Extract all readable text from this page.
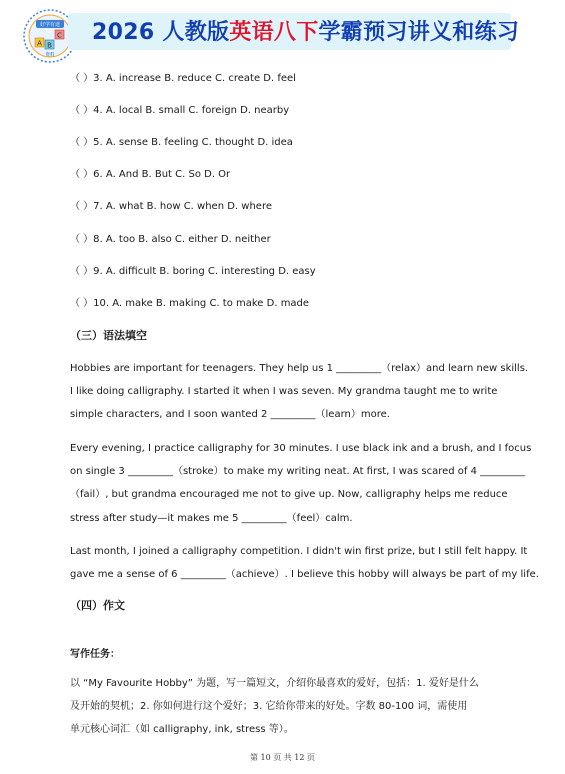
A B
C
好学有途
资料
2026 人教版英语八下学霸预习讲义和练习
（ ）3. A. increase B. reduce C. create D. feel
（ ）4. A. local B. small C. foreign D. nearby
（ ）5. A. sense B. feeling C. thought D. idea
（ ）6. A. And B. But C. So D. Or
（ ）7. A. what B. how C. when D. where
（ ）8. A. too B. also C. either D. neither
（ ）9. A. difficult B. boring C. interesting D. easy
（ ）10. A. make B. making C. to make D. made
（三）语法填空
Hobbies are important for teenagers. They help us 1 _________（relax）and learn new skills.
I like doing calligraphy. I started it when I was seven. My grandma taught me to write
simple characters, and I soon wanted 2 _________（learn）more.
Every evening, I practice calligraphy for 30 minutes. I use black ink and a brush, and I focus
on single 3 _________（stroke）to make my writing neat. At first, I was scared of 4 _________
（fail）, but grandma encouraged me not to give up. Now, calligraphy helps me reduce
stress after study—it makes me 5 _________（feel）calm.
Last month, I joined a calligraphy competition. I didn't win first prize, but I still felt happy. It
gave me a sense of 6 _________（achieve）. I believe this hobby will always be part of my life.
（四）作文
写作任务：
以 “My Favourite Hobby” 为题，写一篇短文，介绍你最喜欢的爱好，包括：1. 爱好是什么
及开始的契机；2. 你如何进行这个爱好；3. 它给你带来的好处。字数 80-100 词，需使用
单元核心词汇（如 calligraphy, ink, stress 等）。
第 10 页 共 12 页
